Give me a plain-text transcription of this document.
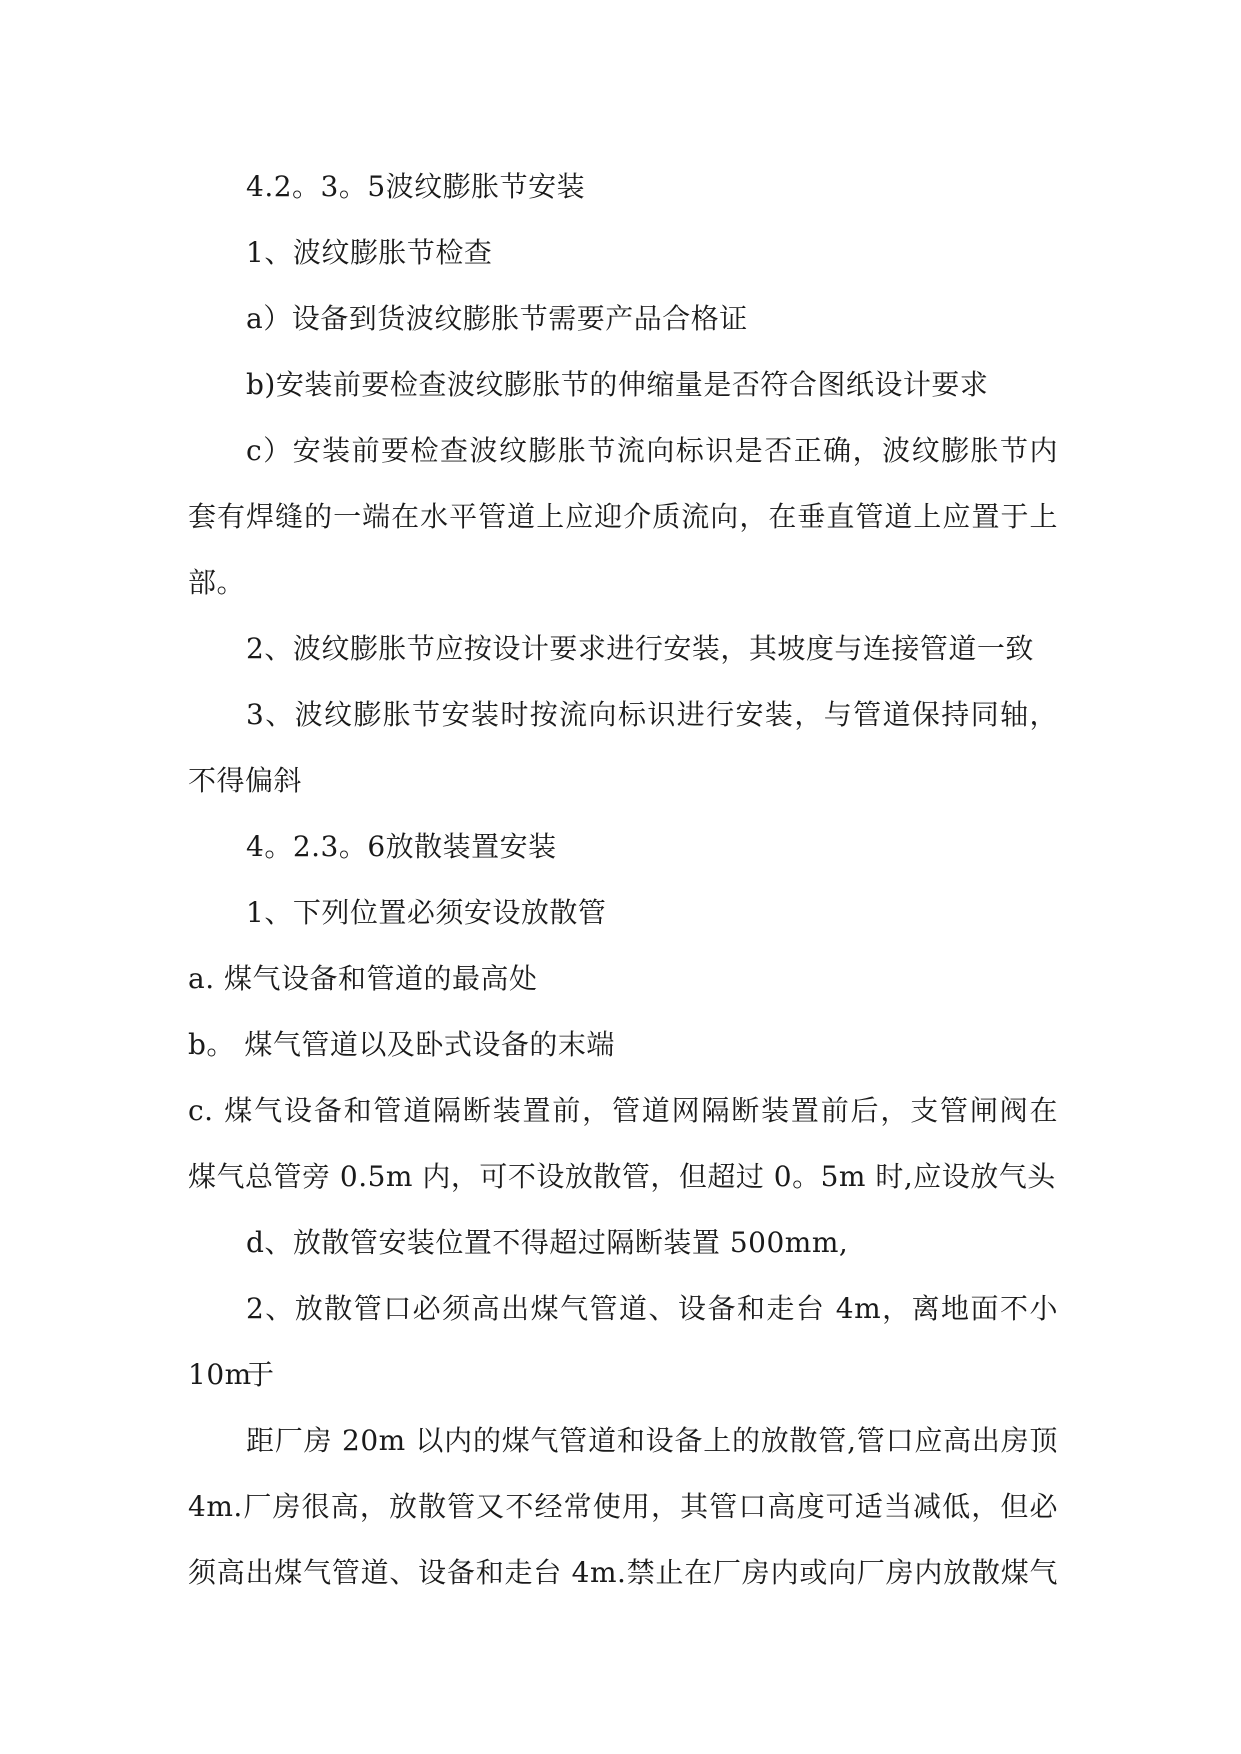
4.2。3。5波纹膨胀节安装
1、波纹膨胀节检查
a）设备到货波纹膨胀节需要产品合格证
b)安装前要检查波纹膨胀节的伸缩量是否符合图纸设计要求
c）安装前要检查波纹膨胀节流向标识是否正确，波纹膨胀节内
套有焊缝的一端在水平管道上应迎介质流向，在垂直管道上应置于上
部。
2、波纹膨胀节应按设计要求进行安装，其坡度与连接管道一致
3、波纹膨胀节安装时按流向标识进行安装，与管道保持同轴，
不得偏斜
4。2.3。6放散装置安装
1、下列位置必须安设放散管
a. 煤气设备和管道的最高处
b。 煤气管道以及卧式设备的末端
c. 煤气设备和管道隔断装置前，管道网隔断装置前后，支管闸阀在
煤气总管旁 0.5m 内，可不设放散管，但超过 0。5m 时,应设放气头
d、放散管安装位置不得超过隔断装置 500mm,
2、放散管口必须高出煤气管道、设备和走台 4m，离地面不小于
10m
距厂房 20m 以内的煤气管道和设备上的放散管,管口应高出房顶
4m.厂房很高，放散管又不经常使用，其管口高度可适当减低，但必
须高出煤气管道、设备和走台 4m.禁止在厂房内或向厂房内放散煤气
